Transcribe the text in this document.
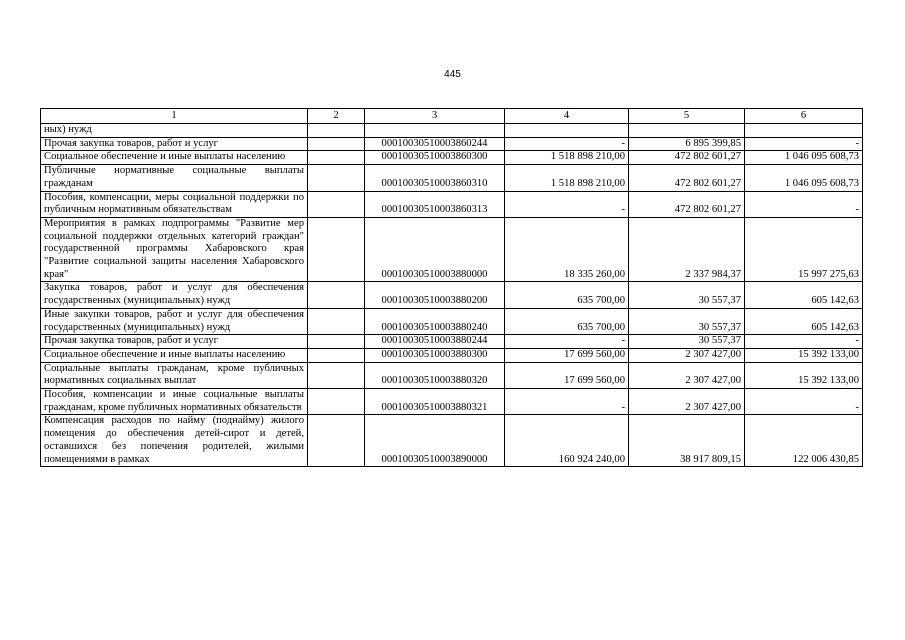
445
1	2	3	4	5	6
ных) нужд					
Прочая закупка товаров, работ и услуг		00010030510003860244	-	6 895 399,85	-
Социальное обеспечение и иные выплаты населению		00010030510003860300	1 518 898 210,00	472 802 601,27	1 046 095 608,73
Публичные нормативные социальные выплаты гражданам		00010030510003860310	1 518 898 210,00	472 802 601,27	1 046 095 608,73
Пособия, компенсации, меры социальной поддержки по публичным нормативным обязательствам		00010030510003860313	-	472 802 601,27	-
Мероприятия в рамках подпрограммы "Развитие мер социальной поддержки отдельных категорий граждан" государственной программы Хабаровского края "Развитие социальной защиты населения Хабаровского края"		00010030510003880000	18 335 260,00	2 337 984,37	15 997 275,63
Закупка товаров, работ и услуг для обеспечения государственных (муниципальных) нужд		00010030510003880200	635 700,00	30 557,37	605 142,63
Иные закупки товаров, работ и услуг для обеспечения государственных (муниципальных) нужд		00010030510003880240	635 700,00	30 557,37	605 142,63
Прочая закупка товаров, работ и услуг		00010030510003880244	-	30 557,37	-
Социальное обеспечение и иные выплаты населению		00010030510003880300	17 699 560,00	2 307 427,00	15 392 133,00
Социальные выплаты гражданам, кроме публичных нормативных социальных выплат		00010030510003880320	17 699 560,00	2 307 427,00	15 392 133,00
Пособия, компенсации и иные социальные выплаты гражданам, кроме публичных нормативных обязательств		00010030510003880321	-	2 307 427,00	-
Компенсация расходов по найму (поднайму) жилого помещения до обеспечения детей-сирот и детей, оставшихся без попечения родителей, жилыми помещениями в рамках		00010030510003890000	160 924 240,00	38 917 809,15	122 006 430,85
